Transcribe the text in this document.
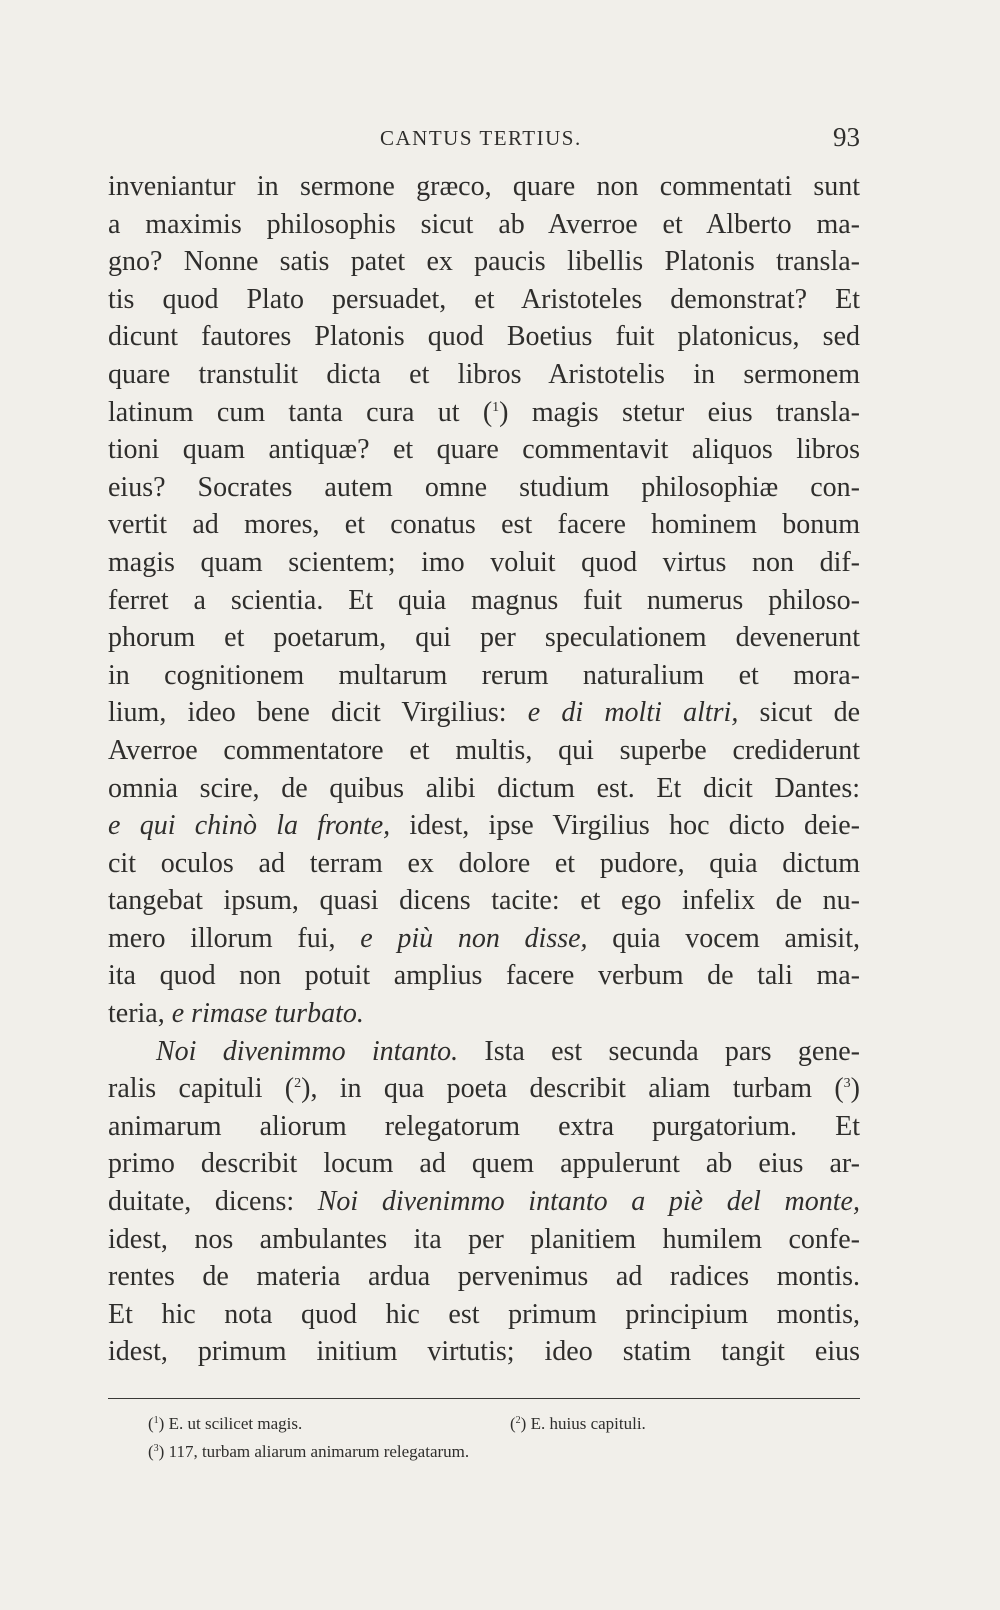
CANTUS TERTIUS.	93
inveniantur in sermone græco, quare non commentati sunt
a maximis philosophis sicut ab Averroe et Alberto ma-
gno? Nonne satis patet ex paucis libellis Platonis transla-
tis quod Plato persuadet, et Aristoteles demonstrat? Et
dicunt fautores Platonis quod Boetius fuit platonicus, sed
quare transtulit dicta et libros Aristotelis in sermonem
latinum cum tanta cura ut ($^1$) magis stetur eius transla-
tioni quam antiquæ? et quare commentavit aliquos libros
eius? Socrates autem omne studium philosophiæ con-
vertit ad mores, et conatus est facere hominem bonum
magis quam scientem; imo voluit quod virtus non dif-
ferret a scientia. Et quia magnus fuit numerus philoso-
phorum et poetarum, qui per speculationem devenerunt
in cognitionem multarum rerum naturalium et mora-
lium, ideo bene dicit Virgilius: e di molti altri, sicut de
Averroe commentatore et multis, qui superbe crediderunt
omnia scire, de quibus alibi dictum est. Et dicit Dantes:
e qui chinò la fronte, idest, ipse Virgilius hoc dicto deie-
cit oculos ad terram ex dolore et pudore, quia dictum
tangebat ipsum, quasi dicens tacite: et ego infelix de nu-
mero illorum fui, e più non disse, quia vocem amisit,
ita quod non potuit amplius facere verbum de tali ma-
teria, e rimase turbato.
Noi divenimmo intanto. Ista est secunda pars gene-
ralis capituli ($^2$), in qua poeta describit aliam turbam ($^3$)
animarum aliorum relegatorum extra purgatorium. Et
primo describit locum ad quem appulerunt ab eius ar-
duitate, dicens: Noi divenimmo intanto a piè del monte,
idest, nos ambulantes ita per planitiem humilem confe-
rentes de materia ardua pervenimus ad radices montis.
Et hic nota quod hic est primum principium montis,
idest, primum initium virtutis; ideo statim tangit eius
($^1$) E. ut scilicet magis.	($^2$) E. huius capituli.
($^3$) 117, turbam aliarum animarum relegatarum.
